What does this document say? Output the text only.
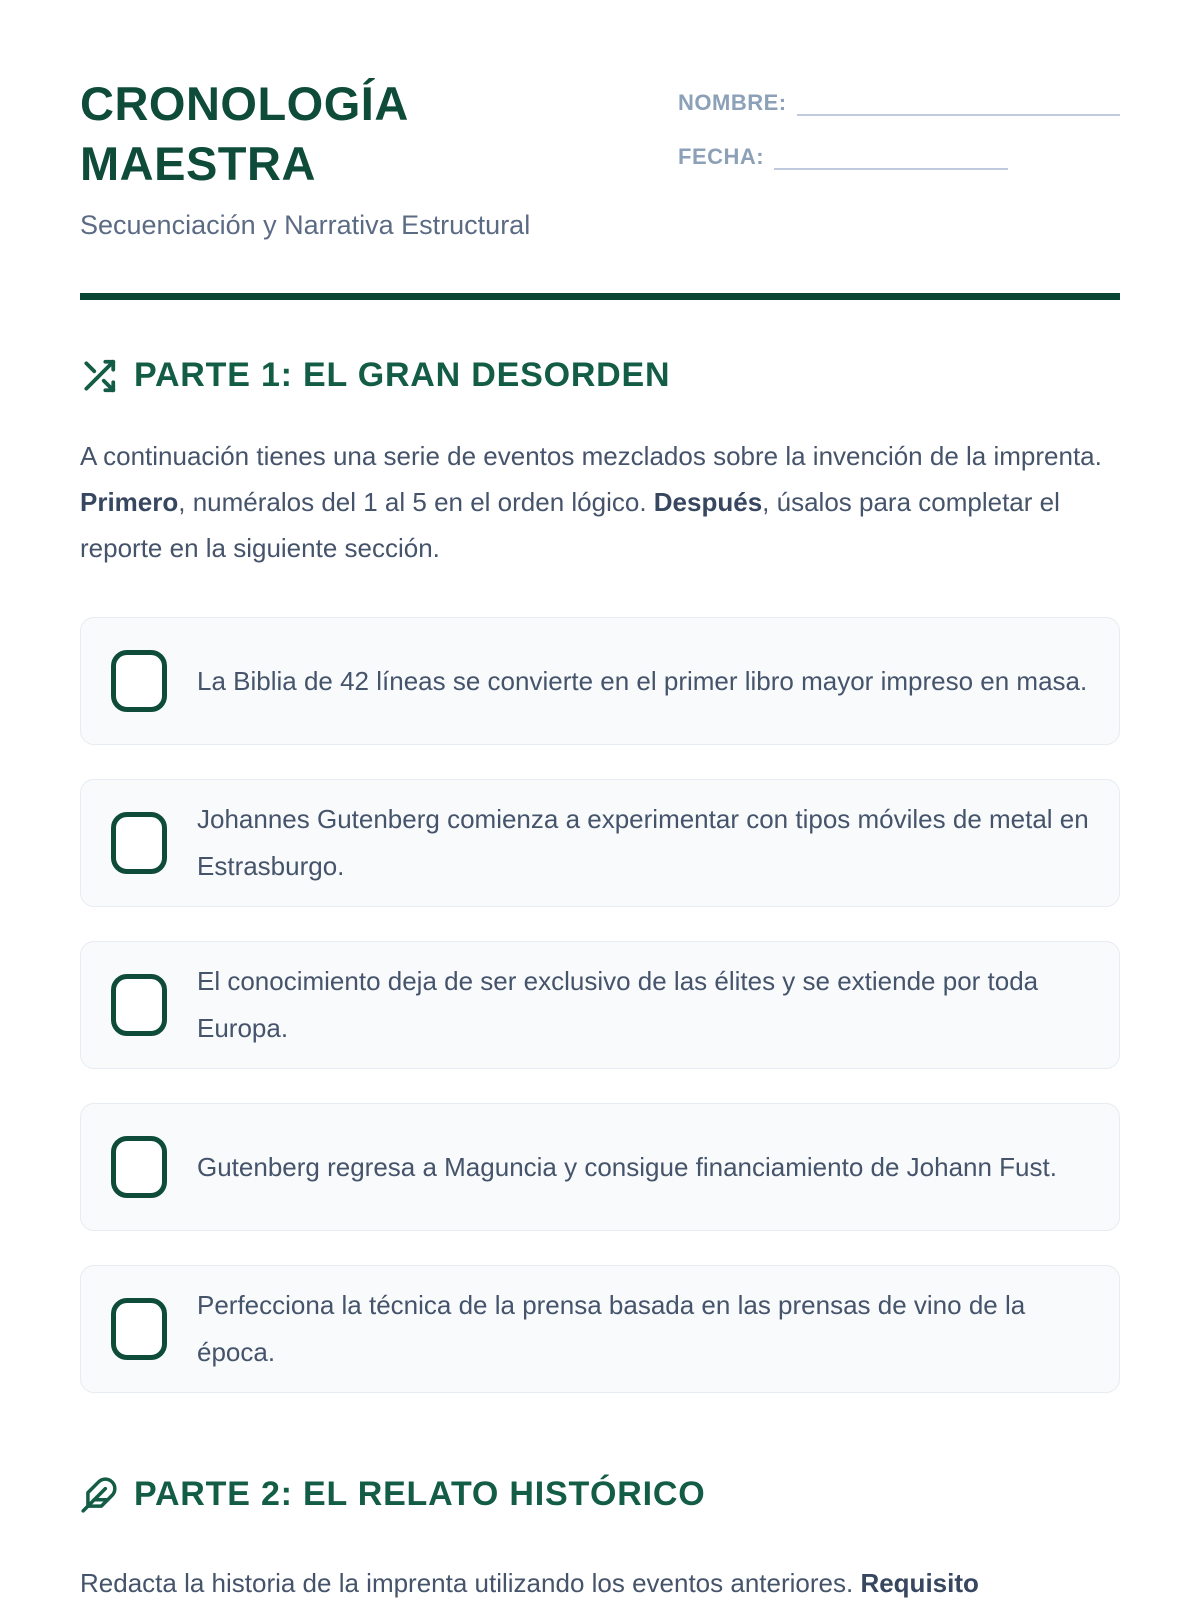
CRONOLOGÍA
MAESTRA
Secuenciación y Narrativa Estructural
NOMBRE:
FECHA:
PARTE 1: EL GRAN DESORDEN

A continuación tienes una serie de eventos mezclados sobre la invención de la imprenta. Primero, numéralos del 1 al 5 en el orden lógico. Después, úsalos para completar el reporte en la siguiente sección.

La Biblia de 42 líneas se convierte en el primer libro mayor impreso en masa.

Johannes Gutenberg comienza a experimentar con tipos móviles de metal en Estrasburgo.

El conocimiento deja de ser exclusivo de las élites y se extiende por toda Europa.

Gutenberg regresa a Maguncia y consigue financiamiento de Johann Fust.

Perfecciona la técnica de la prensa basada en las prensas de vino de la época.

PARTE 2: EL RELATO HISTÓRICO

Redacta la historia de la imprenta utilizando los eventos anteriores. Requisito
